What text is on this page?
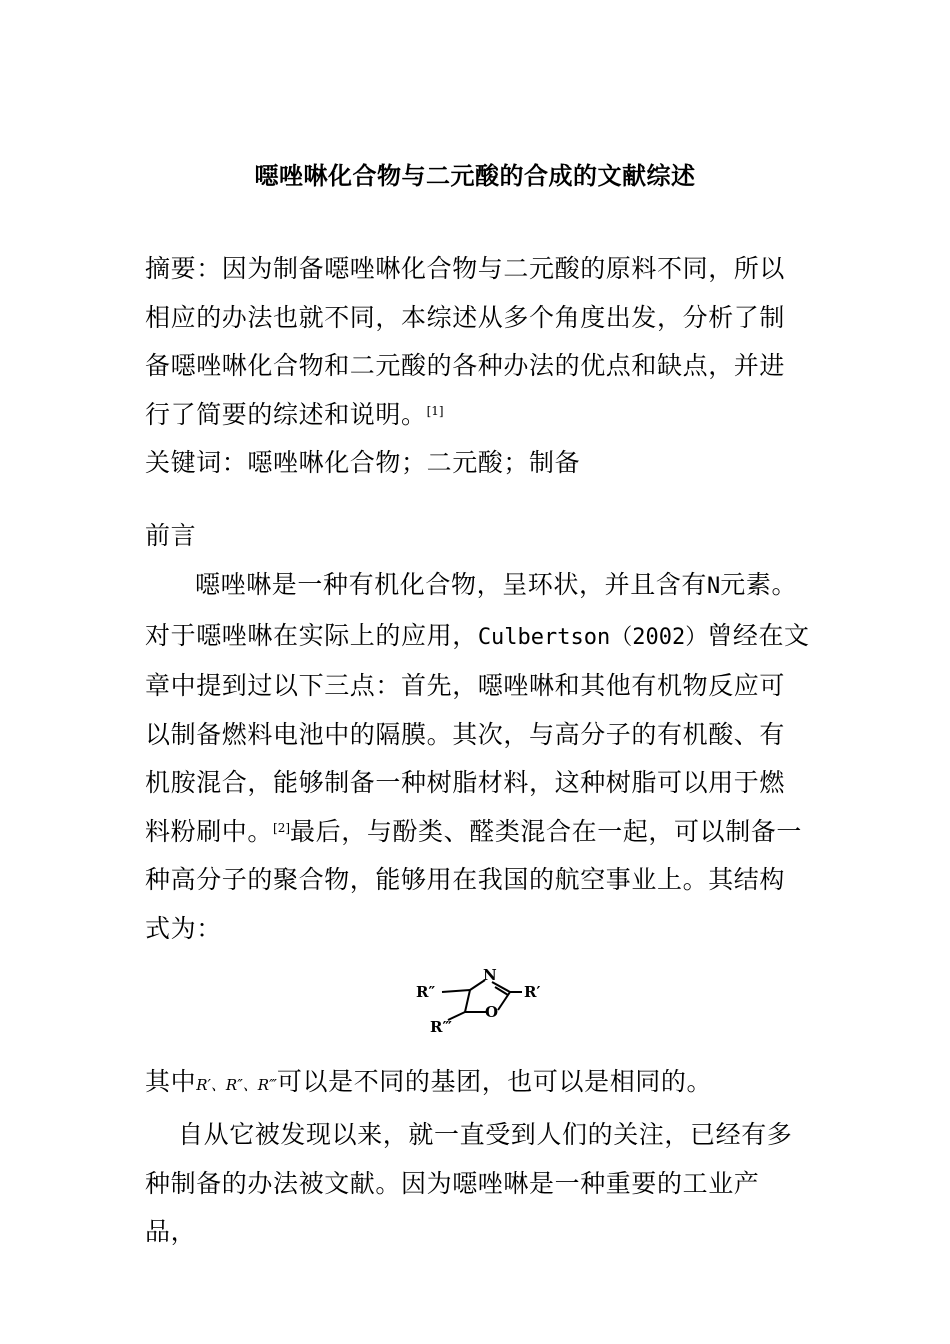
噁唑啉化合物与二元酸的合成的文献综述

摘要：因为制备噁唑啉化合物与二元酸的原料不同，所以相应的办法也就不同，本综述从多个角度出发，分析了制备噁唑啉化合物和二元酸的各种办法的优点和缺点，并进行了简要的综述和说明。[1]

关键词：噁唑啉化合物；二元酸；制备

前言

噁唑啉是一种有机化合物，呈环状，并且含有N元素。对于噁唑啉在实际上的应用，Culbertson（2002）曾经在文章中提到过以下三点：首先，噁唑啉和其他有机物反应可以制备燃料电池中的隔膜。其次，与高分子的有机酸、有机胺混合，能够制备一种树脂材料，这种树脂可以用于燃料粉刷中。[2]最后，与酚类、醛类混合在一起，可以制备一种高分子的聚合物，能够用在我国的航空事业上。其结构式为：

N
O
R″	R′
R‴

其中R′、R″、R‴可以是不同的基团，也可以是相同的。

自从它被发现以来，就一直受到人们的关注，已经有多种制备的办法被文献。因为噁唑啉是一种重要的工业产品，
